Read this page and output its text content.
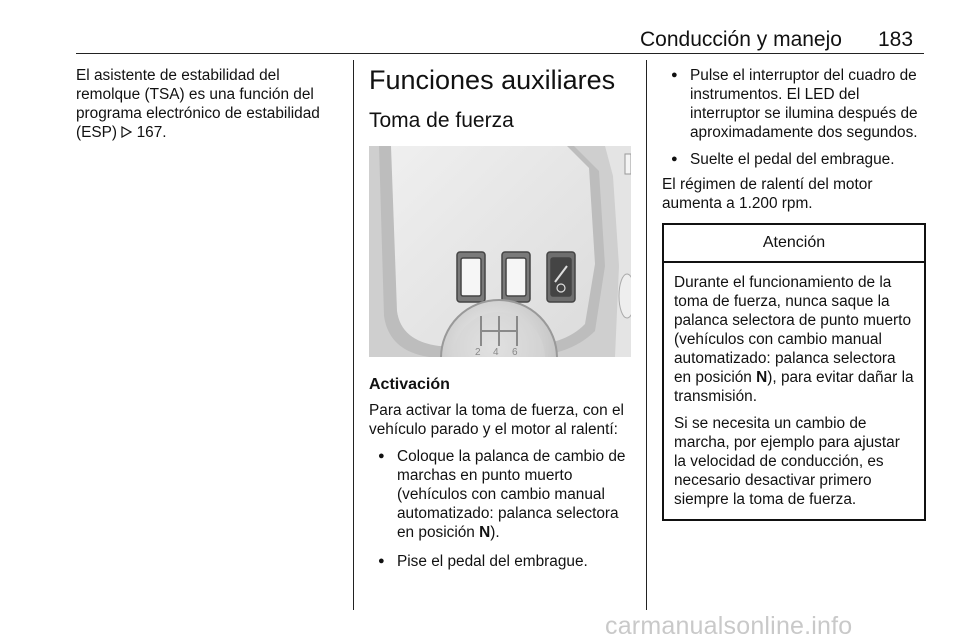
Conducción y manejo 183

El asistente de estabilidad del remolque (TSA) es una función del programa electrónico de estabilidad (ESP) 167.

Funciones auxiliares
Toma de fuerza
2 4 6
Activación

Para activar la toma de fuerza, con el vehículo parado y el motor al ralentí:

● Coloque la palanca de cambio de marchas en punto muerto (vehículos con cambio manual automatizado: palanca selectora en posición N).
● Pise el pedal del embrague.
● Pulse el interruptor del cuadro de instrumentos. El LED del interruptor se ilumina después de aproximadamente dos segundos.
● Suelte el pedal del embrague.

El régimen de ralentí del motor aumenta a 1.200 rpm.

Atención

Durante el funcionamiento de la toma de fuerza, nunca saque la palanca selectora de punto muerto (vehículos con cambio manual automatizado: palanca selectora en posición N), para evitar dañar la transmisión.

Si se necesita un cambio de marcha, por ejemplo para ajustar la velocidad de conducción, es necesario desactivar primero siempre la toma de fuerza.

carmanualsonline.info
